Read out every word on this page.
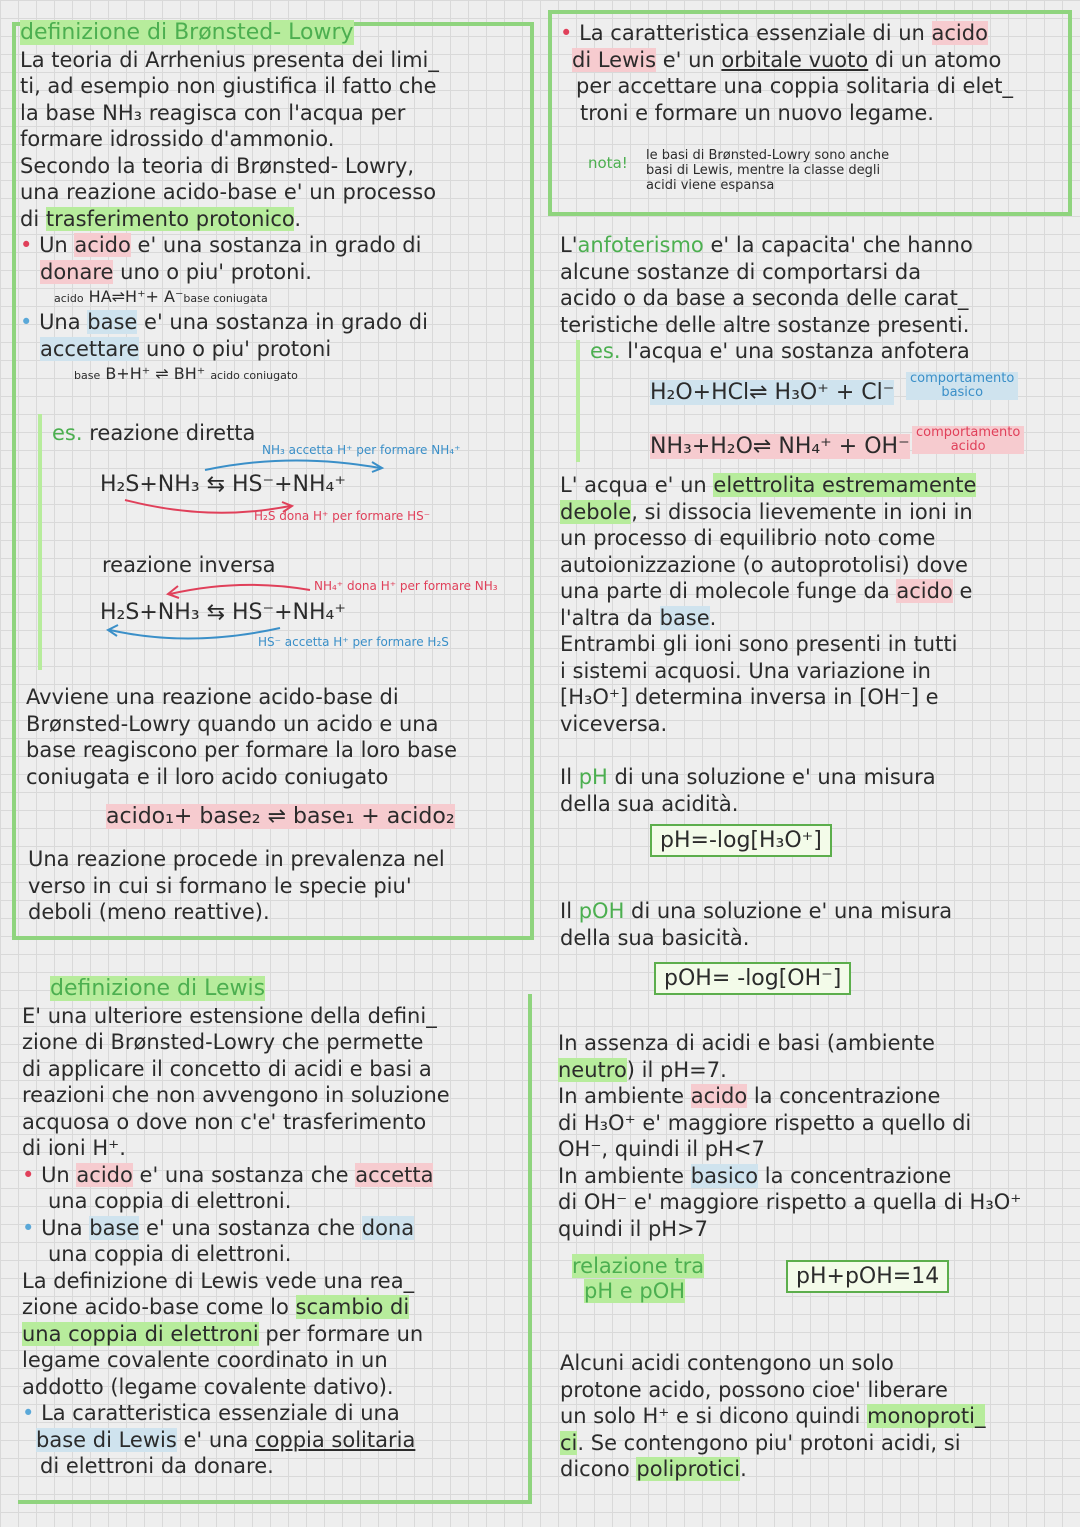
definizione di Brønsted- Lowry

La teoria di Arrhenius presenta dei limi_

ti, ad esempio non giustifica il fatto che

la base NH₃ reagisca con l'acqua per

formare idrossido d'ammonio.

Secondo la teoria di Brønsted- Lowry,

una reazione acido-base e' un processo

di trasferimento protonico.

• Un acido e' una sostanza in grado di

donare uno o piu' protoni.

acido HA⇌H⁺+ A⁻base coniugata

• Una base e' una sostanza in grado di

accettare uno o piu' protoni

base B+H⁺ ⇌ BH⁺ acido coniugato

es. reazione diretta
NH₃ accetta H⁺ per formare NH₄⁺
H₂S+NH₃ ⇆ HS⁻+NH₄⁺
H₂S dona H⁺ per formare HS⁻
reazione inversa
NH₄⁺ dona H⁺ per formare NH₃
H₂S+NH₃ ⇆ HS⁻+NH₄⁺
HS⁻ accetta H⁺ per formare H₂S

Avviene una reazione acido-base di

Brønsted-Lowry quando un acido e una

base reagiscono per formare la loro base

coniugata e il loro acido coniugato

acido₁+ base₂ ⇌ base₁ + acido₂

Una reazione procede in prevalenza nel

verso in cui si formano le specie piu'

deboli (meno reattive).

definizione di Lewis

E' una ulteriore estensione della defini_

zione di Brønsted-Lowry che permette

di applicare il concetto di acidi e basi a

reazioni che non avvengono in soluzione

acquosa o dove non c'e' trasferimento

di ioni H⁺.

• Un acido e' una sostanza che accetta

una coppia di elettroni.

• Una base e' una sostanza che dona

una coppia di elettroni.

La definizione di Lewis vede una rea_

zione acido-base come lo scambio di

una coppia di elettroni per formare un

legame covalente coordinato in un

addotto (legame covalente dativo).

• La caratteristica essenziale di una

base di Lewis e' una coppia solitaria

di elettroni da donare.

• La caratteristica essenziale di un acido

di Lewis e' un orbitale vuoto di un atomo

per accettare una coppia solitaria di elet_

troni e formare un nuovo legame.

nota! le basi di Brønsted-Lowry sono anche
basi di Lewis, mentre la classe degli
acidi viene espansa

L'anfoterismo e' la capacita' che hanno

alcune sostanze di comportarsi da

acido o da base a seconda delle carat_

teristiche delle altre sostanze presenti.

es. l'acqua e' una sostanza anfotera

H₂O+HCl⇌ H₃O⁺ + Cl⁻
comportamento
basico
NH₃+H₂O⇌ NH₄⁺ + OH⁻
comportamento
acido

L' acqua e' un elettrolita estremamente

debole, si dissocia lievemente in ioni in

un processo di equilibrio noto come

autoionizzazione (o autoprotolisi) dove

una parte di molecole funge da acido e

l'altra da base.

Entrambi gli ioni sono presenti in tutti

i sistemi acquosi. Una variazione in

[H₃O⁺] determina inversa in [OH⁻] e

viceversa.

Il pH di una soluzione e' una misura

della sua acidità.

pH=-log[H₃O⁺]

Il pOH di una soluzione e' una misura

della sua basicità.

pOH= -log[OH⁻]

In assenza di acidi e basi (ambiente

neutro) il pH=7.

In ambiente acido la concentrazione

di H₃O⁺ e' maggiore rispetto a quello di

OH⁻, quindi il pH<7

In ambiente basico la concentrazione

di OH⁻ e' maggiore rispetto a quella di H₃O⁺

quindi il pH>7

relazione tra

pH e pOH

pH+pOH=14

Alcuni acidi contengono un solo

protone acido, possono cioe' liberare

un solo H⁺ e si dicono quindi monoproti_

ci. Se contengono piu' protoni acidi, si

dicono poliprotici.
